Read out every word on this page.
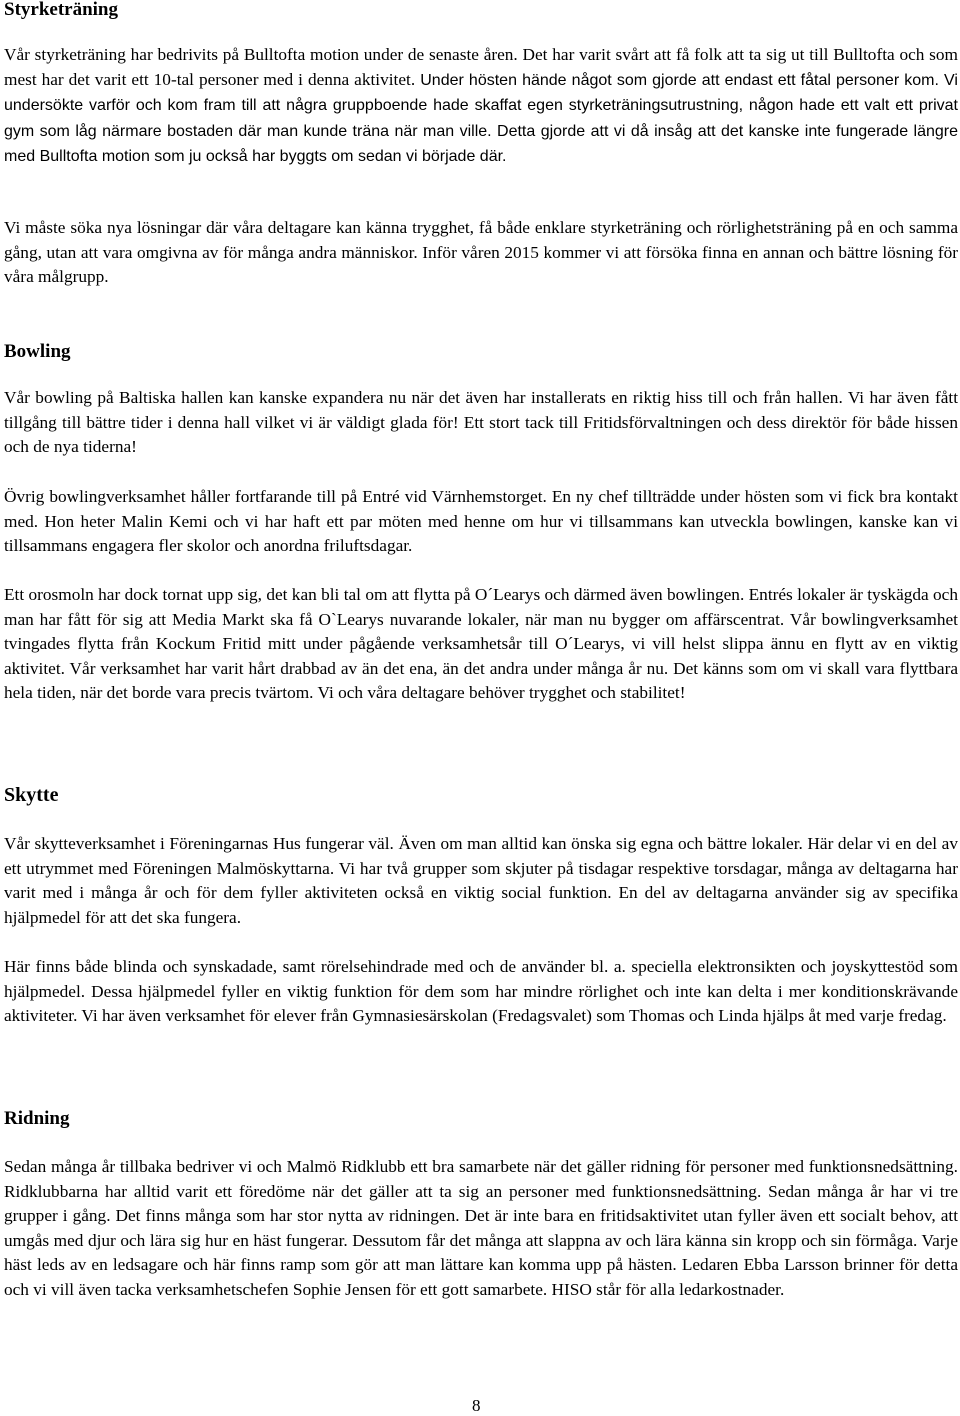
Styrketräning

Vår styrketräning har bedrivits på Bulltofta motion under de senaste åren. Det har varit svårt att få folk att ta sig ut till Bulltofta och som mest har det varit ett 10-tal personer med i denna aktivitet. Under hösten hände något som gjorde att endast ett fåtal personer kom. Vi undersökte varför och kom fram till att några gruppboende hade skaffat egen styrketräningsutrustning, någon hade ett valt ett privat gym som låg närmare bostaden där man kunde träna när man ville. Detta gjorde att vi då insåg att det kanske inte fungerade längre med Bulltofta motion som ju också har byggts om sedan vi började där.

Vi måste söka nya lösningar där våra deltagare kan känna trygghet, få både enklare styrketräning och rörlighetsträning på en och samma gång, utan att vara omgivna av för många andra människor. Inför våren 2015 kommer vi att försöka finna en annan och bättre lösning för våra målgrupp.

Bowling

Vår bowling på Baltiska hallen kan kanske expandera nu när det även har installerats en riktig hiss till och från hallen. Vi har även fått tillgång till bättre tider i denna hall vilket vi är väldigt glada för! Ett stort tack till Fritidsförvaltningen och dess direktör för både hissen och de nya tiderna!

Övrig bowlingverksamhet håller fortfarande till på Entré vid Värnhemstorget. En ny chef tillträdde under hösten som vi fick bra kontakt med. Hon heter Malin Kemi och vi har haft ett par möten med henne om hur vi tillsammans kan utveckla bowlingen, kanske kan vi tillsammans engagera fler skolor och anordna friluftsdagar.

Ett orosmoln har dock tornat upp sig, det kan bli tal om att flytta på O´Learys och därmed även bowlingen. Entrés lokaler är tyskägda och man har fått för sig att Media Markt ska få O`Learys nuvarande lokaler, när man nu bygger om affärscentrat. Vår bowlingverksamhet tvingades flytta från Kockum Fritid mitt under pågående verksamhetsår till O´Learys, vi vill helst slippa ännu en flytt av en viktig aktivitet. Vår verksamhet har varit hårt drabbad av än det ena, än det andra under många år nu. Det känns som om vi skall vara flyttbara hela tiden, när det borde vara precis tvärtom. Vi och våra deltagare behöver trygghet och stabilitet!

Skytte

Vår skytteverksamhet i Föreningarnas Hus fungerar väl. Även om man alltid kan önska sig egna och bättre lokaler. Här delar vi en del av ett utrymmet med Föreningen Malmöskyttarna. Vi har två grupper som skjuter på tisdagar respektive torsdagar, många av deltagarna har varit med i många år och för dem fyller aktiviteten också en viktig social funktion. En del av deltagarna använder sig av specifika hjälpmedel för att det ska fungera.

Här finns både blinda och synskadade, samt rörelsehindrade med och de använder bl. a. speciella elektronsikten och joyskyttestöd som hjälpmedel. Dessa hjälpmedel fyller en viktig funktion för dem som har mindre rörlighet och inte kan delta i mer konditionskrävande aktiviteter. Vi har även verksamhet för elever från Gymnasiesärskolan (Fredagsvalet) som Thomas och Linda hjälps åt med varje fredag.

Ridning

Sedan många år tillbaka bedriver vi och Malmö Ridklubb ett bra samarbete när det gäller ridning för personer med funktionsnedsättning. Ridklubbarna har alltid varit ett föredöme när det gäller att ta sig an personer med funktionsnedsättning. Sedan många år har vi tre grupper i gång. Det finns många som har stor nytta av ridningen. Det är inte bara en fritidsaktivitet utan fyller även ett socialt behov, att umgås med djur och lära sig hur en häst fungerar. Dessutom får det många att slappna av och lära känna sin kropp och sin förmåga. Varje häst leds av en ledsagare och här finns ramp som gör att man lättare kan komma upp på hästen. Ledaren Ebba Larsson brinner för detta och vi vill även tacka verksamhetschefen Sophie Jensen för ett gott samarbete. HISO står för alla ledarkostnader.

8
